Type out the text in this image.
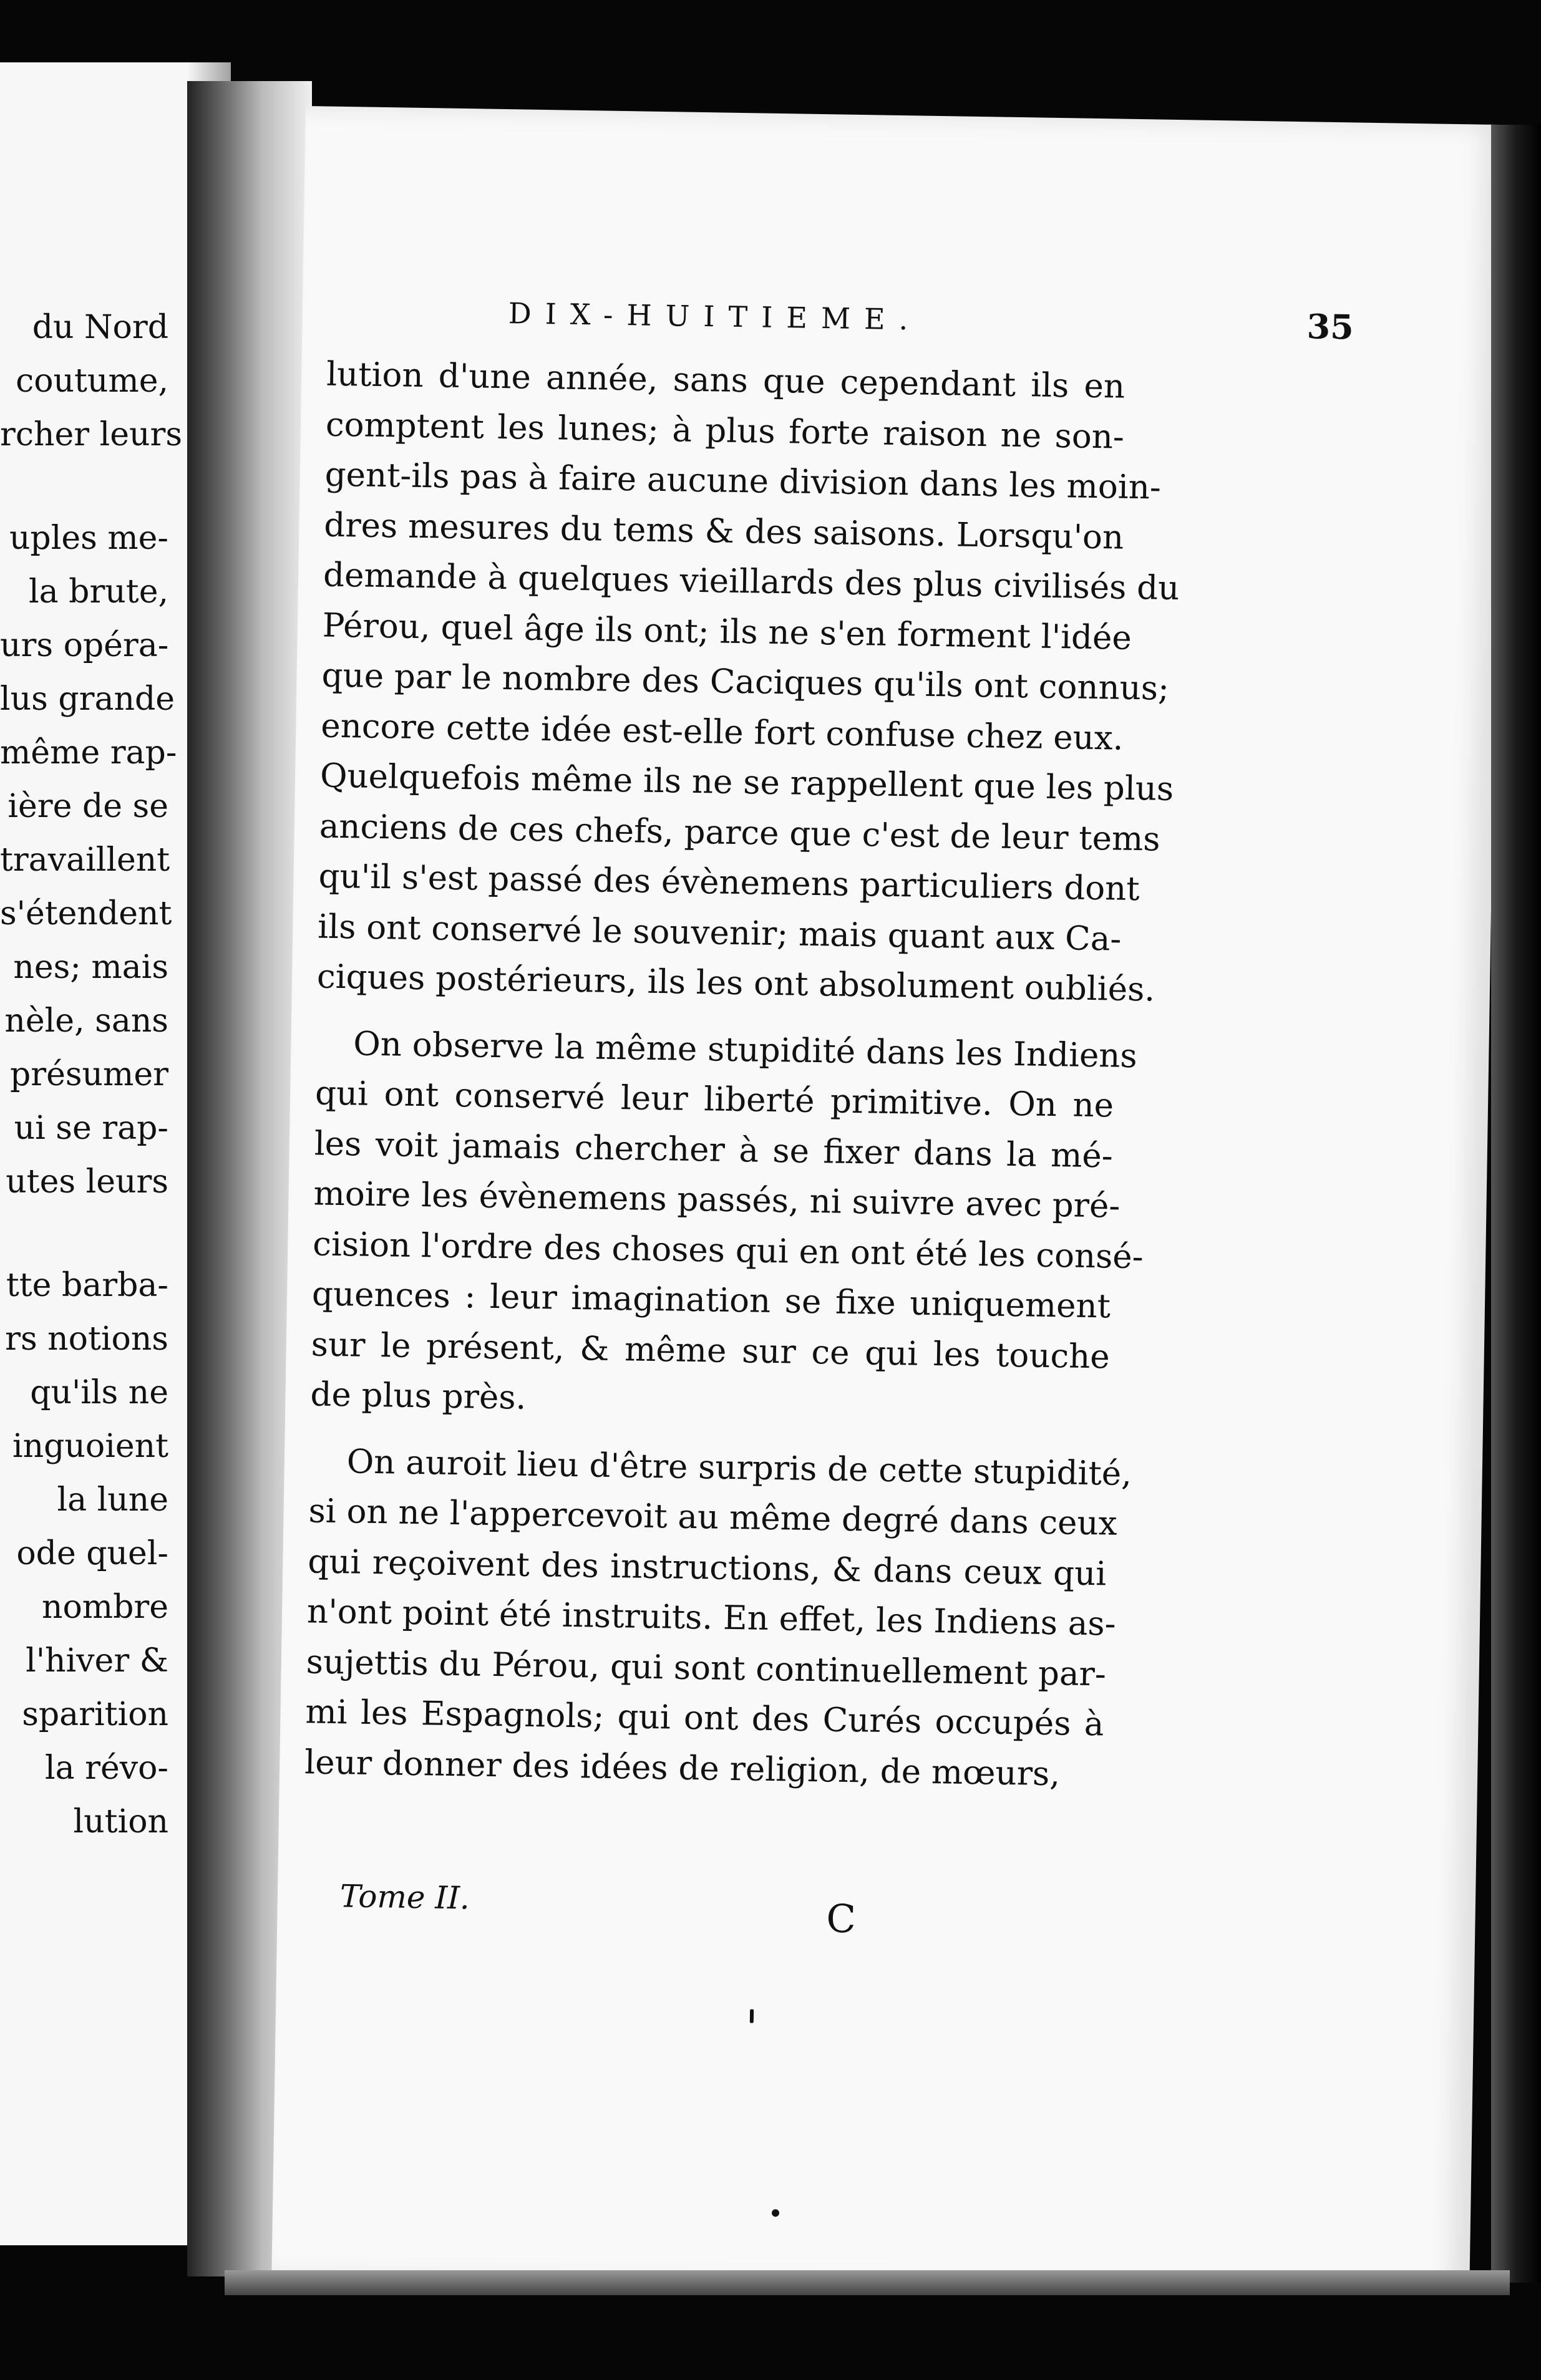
du Nord
coutume,
rcher leurs
uples me-
la brute,
urs opéra-
lus grande
même rap-
ière de se
travaillent
s'étendent
nes; mais
nèle, sans
présumer
ui se rap-
utes leurs
tte barba-
rs notions
qu'ils ne
inguoient
la lune
ode quel-
nombre
l'hiver &
sparition
la révo-
lution
DIX-HUITIEME.	35
lution d'une année, sans que cependant ils en
comptent les lunes; à plus forte raison ne son-
gent-ils pas à faire aucune division dans les moin-
dres mesures du tems & des saisons. Lorsqu'on
demande à quelques vieillards des plus civilisés du
Pérou, quel âge ils ont; ils ne s'en forment l'idée
que par le nombre des Caciques qu'ils ont connus;
encore cette idée est-elle fort confuse chez eux.
Quelquefois même ils ne se rappellent que les plus
anciens de ces chefs, parce que c'est de leur tems
qu'il s'est passé des évènemens particuliers dont
ils ont conservé le souvenir; mais quant aux Ca-
ciques postérieurs, ils les ont absolument oubliés.
On observe la même stupidité dans les Indiens
qui ont conservé leur liberté primitive. On ne
les voit jamais chercher à se fixer dans la mé-
moire les évènemens passés, ni suivre avec pré-
cision l'ordre des choses qui en ont été les consé-
quences : leur imagination se fixe uniquement
sur le présent, & même sur ce qui les touche
de plus près.
On auroit lieu d'être surpris de cette stupidité,
si on ne l'appercevoit au même degré dans ceux
qui reçoivent des instructions, & dans ceux qui
n'ont point été instruits. En effet, les Indiens as-
sujettis du Pérou, qui sont continuellement par-
mi les Espagnols; qui ont des Curés occupés à
leur donner des idées de religion, de mœurs,
Tome II.	C
